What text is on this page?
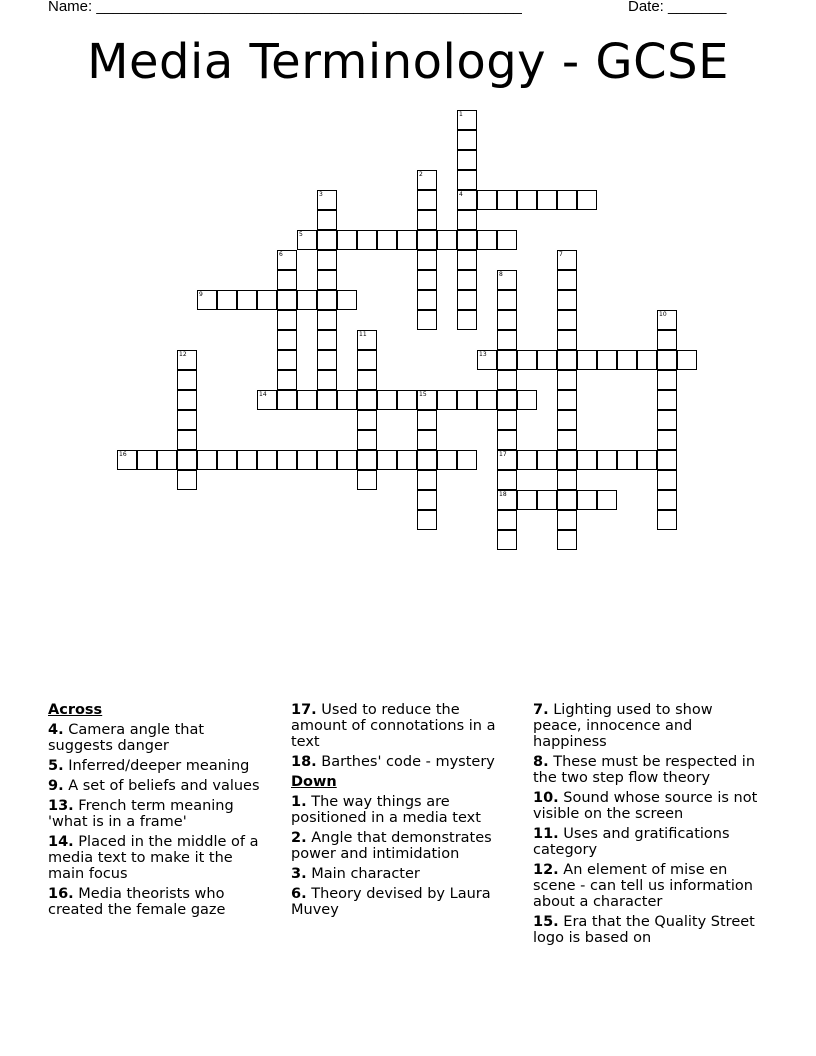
Name: ___________________________________________________	Date: _______
Media Terminology - GCSE
1
4
2
3
5
6	7
8
17
18
9
10
11
12	13
14	15
16
Across
4. Camera angle that suggests danger
5. Inferred/deeper meaning
9. A set of beliefs and values
13. French term meaning 'what is in a frame'
14. Placed in the middle of a media text to make it the main focus
16. Media theorists who created the female gaze
17. Used to reduce the amount of connotations in a text
18. Barthes' code - mystery
Down
1. The way things are positioned in a media text
2. Angle that demonstrates power and intimidation
3. Main character
6. Theory devised by Laura Muvey
7. Lighting used to show peace, innocence and happiness
8. These must be respected in the two step flow theory
10. Sound whose source is not visible on the screen
11. Uses and gratifications category
12. An element of mise en scene - can tell us information about a character
15. Era that the Quality Street logo is based on
